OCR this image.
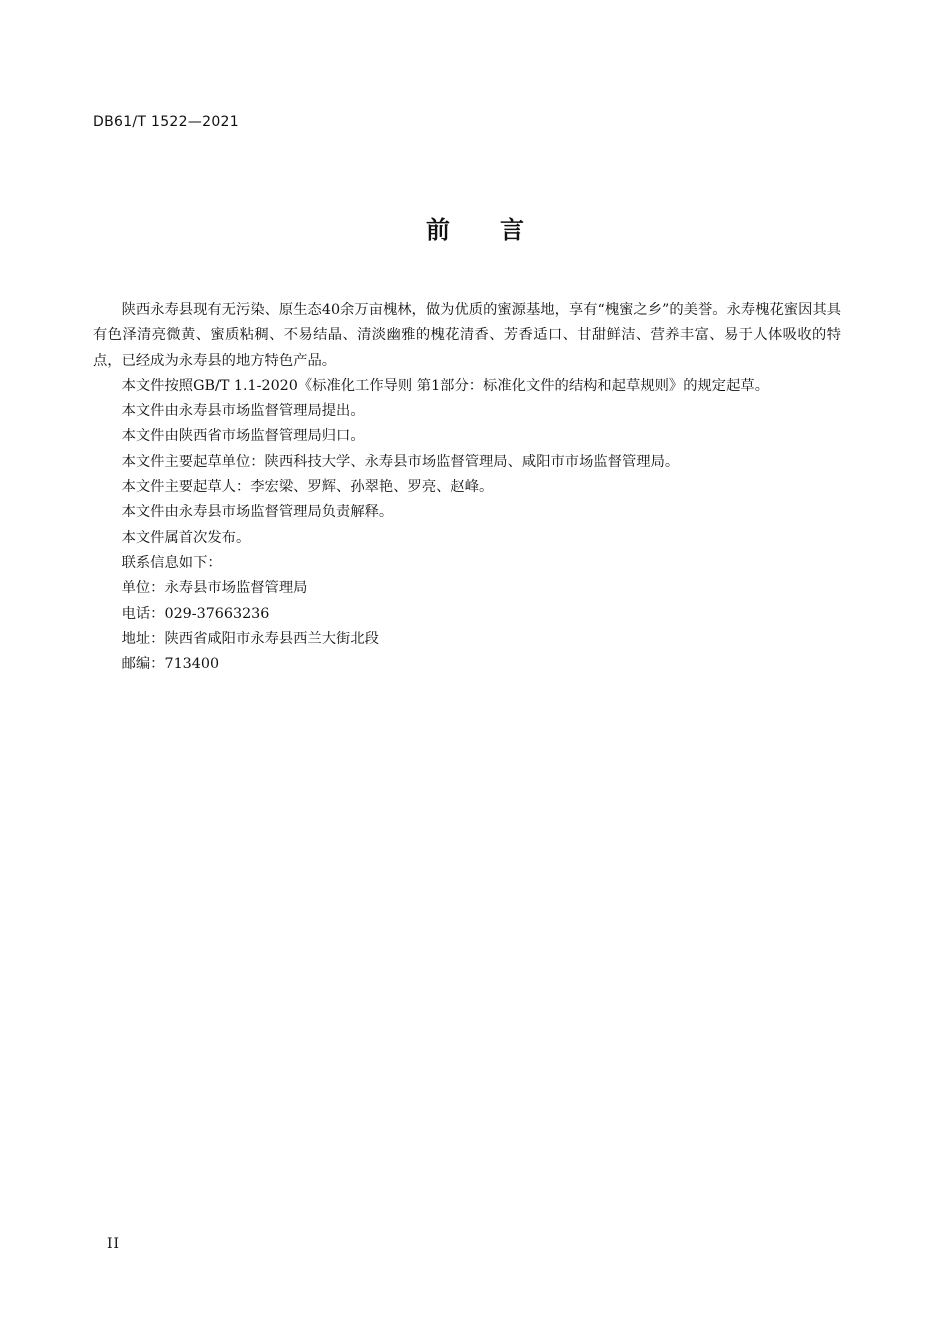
DB61/T 1522—2021
前言

陕西永寿县现有无污染、原生态40余万亩槐林，做为优质的蜜源基地，享有“槐蜜之乡”的美誉。永寿槐花蜜因其具有色泽清亮微黄、蜜质粘稠、不易结晶、清淡幽雅的槐花清香、芳香适口、甘甜鲜洁、营养丰富、易于人体吸收的特点，已经成为永寿县的地方特色产品。

本文件按照GB/T 1.1-2020《标准化工作导则 第1部分：标准化文件的结构和起草规则》的规定起草。

本文件由永寿县市场监督管理局提出。

本文件由陕西省市场监督管理局归口。

本文件主要起草单位：陕西科技大学、永寿县市场监督管理局、咸阳市市场监督管理局。

本文件主要起草人：李宏梁、罗辉、孙翠艳、罗亮、赵峰。

本文件由永寿县市场监督管理局负责解释。

本文件属首次发布。

联系信息如下：

单位：永寿县市场监督管理局

电话：029-37663236

地址：陕西省咸阳市永寿县西兰大街北段

邮编：713400

II
